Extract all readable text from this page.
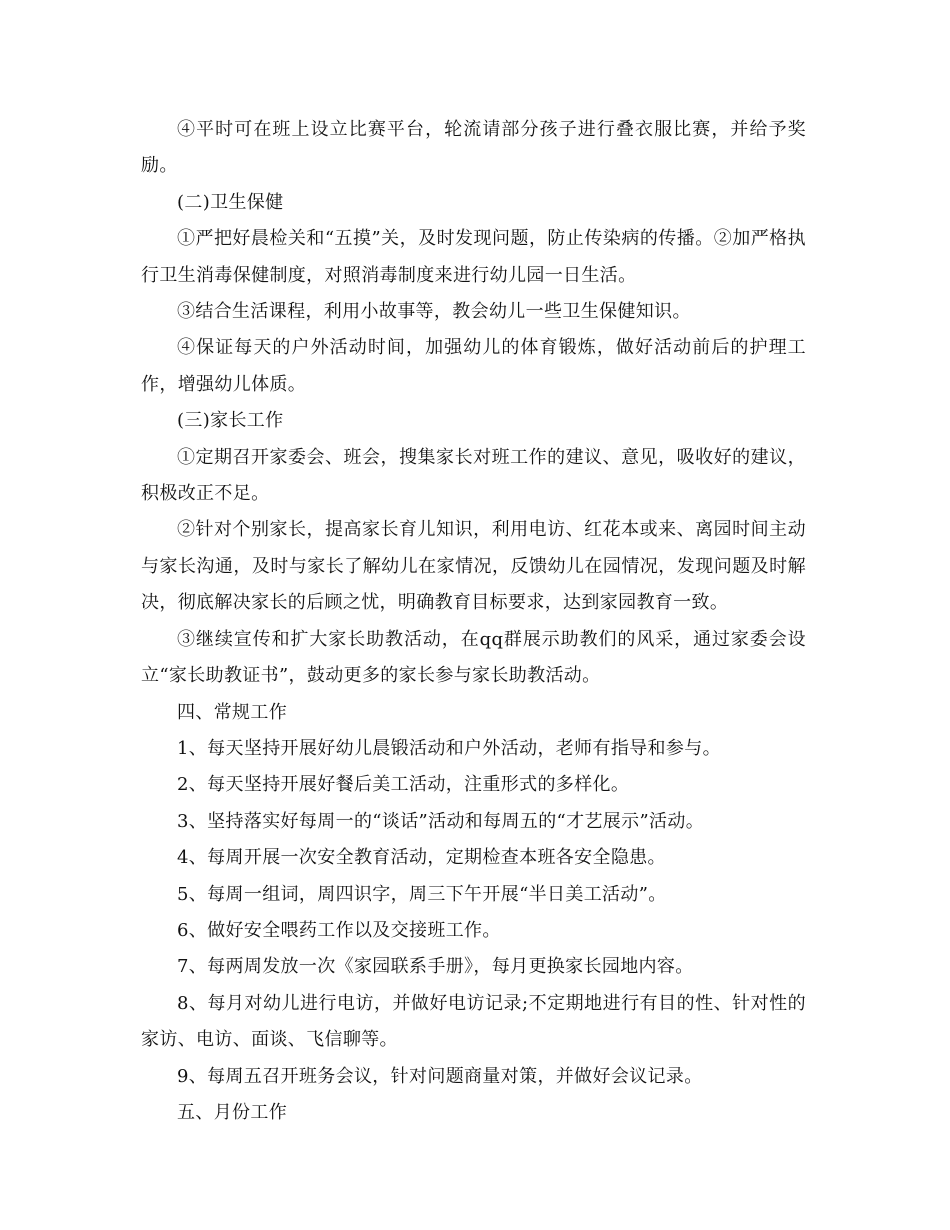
④平时可在班上设立比赛平台，轮流请部分孩子进行叠衣服比赛，并给予奖励。

(二)卫生保健

①严把好晨检关和“五摸”关，及时发现问题，防止传染病的传播。②加严格执行卫生消毒保健制度，对照消毒制度来进行幼儿园一日生活。

③结合生活课程，利用小故事等，教会幼儿一些卫生保健知识。

④保证每天的户外活动时间，加强幼儿的体育锻炼，做好活动前后的护理工作，增强幼儿体质。

(三)家长工作

①定期召开家委会、班会，搜集家长对班工作的建议、意见，吸收好的建议，积极改正不足。

②针对个别家长，提高家长育儿知识，利用电访、红花本或来、离园时间主动与家长沟通，及时与家长了解幼儿在家情况，反馈幼儿在园情况，发现问题及时解决，彻底解决家长的后顾之忧，明确教育目标要求，达到家园教育一致。

③继续宣传和扩大家长助教活动，在qq群展示助教们的风采，通过家委会设立“家长助教证书”，鼓动更多的家长参与家长助教活动。

四、常规工作

1、每天坚持开展好幼儿晨锻活动和户外活动，老师有指导和参与。

2、每天坚持开展好餐后美工活动，注重形式的多样化。

3、坚持落实好每周一的“谈话”活动和每周五的“才艺展示”活动。

4、每周开展一次安全教育活动，定期检查本班各安全隐患。

5、每周一组词，周四识字，周三下午开展“半日美工活动”。

6、做好安全喂药工作以及交接班工作。

7、每两周发放一次《家园联系手册》，每月更换家长园地内容。

8、每月对幼儿进行电访，并做好电访记录;不定期地进行有目的性、针对性的家访、电访、面谈、飞信聊等。

9、每周五召开班务会议，针对问题商量对策，并做好会议记录。

五、月份工作
